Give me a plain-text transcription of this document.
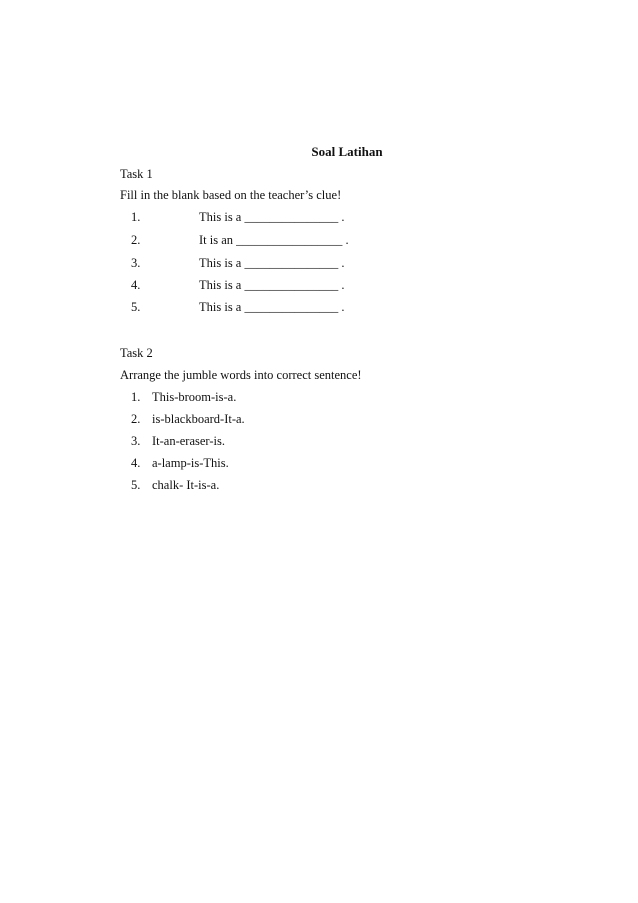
Soal Latihan
Task 1
Fill in the blank based on the teacher’s clue!
1.	This is a _______________ .
2.	It is an _________________ .
3.	This is a _______________ .
4.	This is a _______________ .
5.	This is a _______________ .
Task 2
Arrange the jumble words into correct sentence!
1. This-broom-is-a.
2. is-blackboard-It-a.
3. It-an-eraser-is.
4. a-lamp-is-This.
5. chalk- It-is-a.
